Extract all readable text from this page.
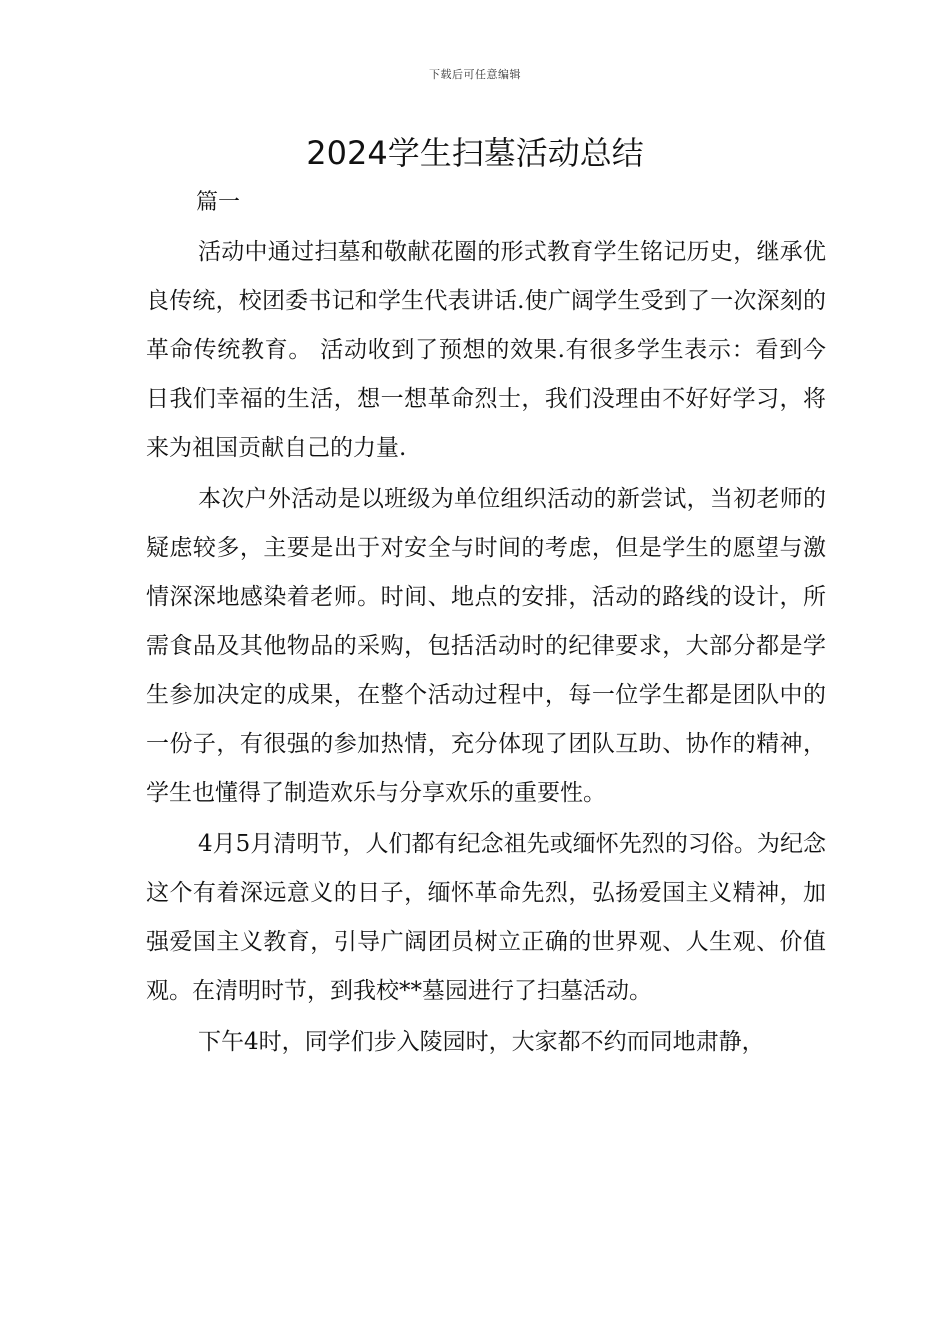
下载后可任意编辑
2024学生扫墓活动总结
篇一

活动中通过扫墓和敬献花圈的形式教育学生铭记历史，继承优良传统，校团委书记和学生代表讲话.使广阔学生受到了一次深刻的革命传统教育。 活动收到了预想的效果.有很多学生表示：看到今日我们幸福的生活，想一想革命烈士，我们没理由不好好学习，将来为祖国贡献自己的力量.

本次户外活动是以班级为单位组织活动的新尝试，当初老师的疑虑较多，主要是出于对安全与时间的考虑，但是学生的愿望与激情深深地感染着老师。时间、地点的安排，活动的路线的设计，所需食品及其他物品的采购，包括活动时的纪律要求，大部分都是学生参加决定的成果，在整个活动过程中，每一位学生都是团队中的一份子，有很强的参加热情，充分体现了团队互助、协作的精神，学生也懂得了制造欢乐与分享欢乐的重要性。

4月5月清明节，人们都有纪念祖先或缅怀先烈的习俗。为纪念这个有着深远意义的日子，缅怀革命先烈，弘扬爱国主义精神，加强爱国主义教育，引导广阔团员树立正确的世界观、人生观、价值观。在清明时节，到我校**墓园进行了扫墓活动。

下午4时，同学们步入陵园时，大家都不约而同地肃静，
